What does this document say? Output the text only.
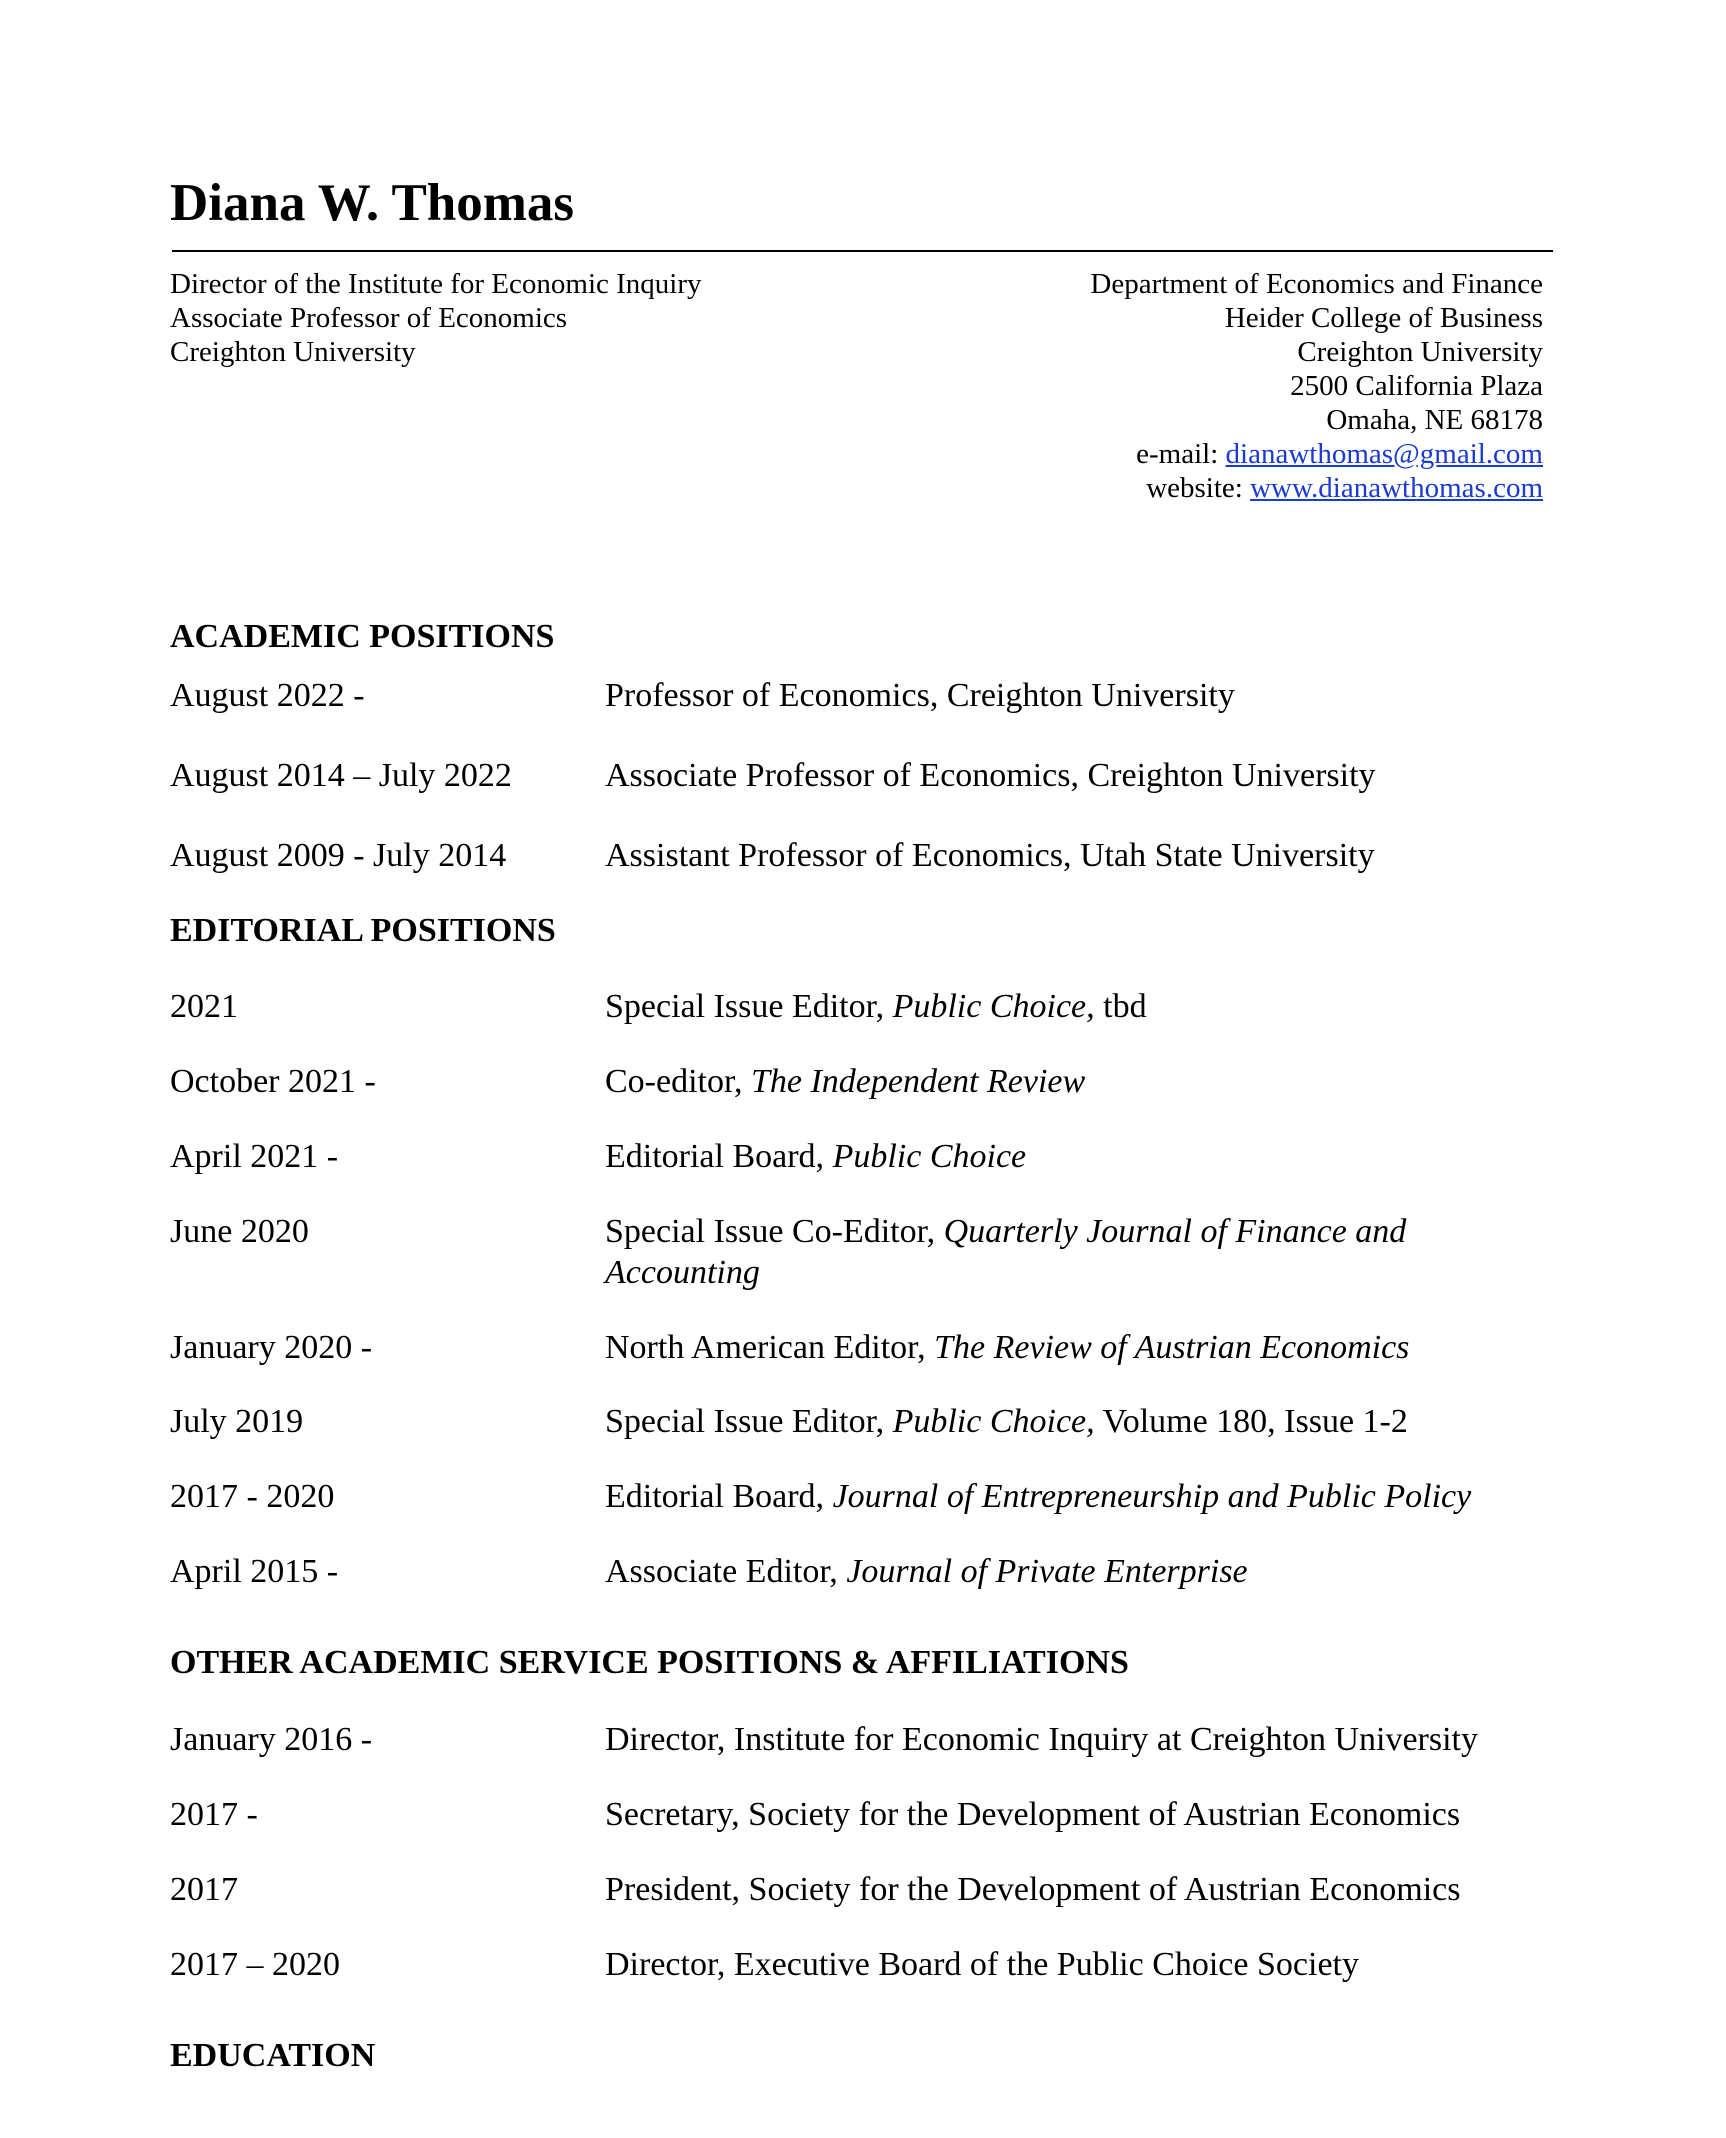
Diana W. Thomas
Director of the Institute for Economic Inquiry
Associate Professor of Economics
Creighton University
Department of Economics and Finance
Heider College of Business
Creighton University
2500 California Plaza
Omaha, NE 68178
e-mail: dianawthomas@gmail.com
website: www.dianawthomas.com
ACADEMIC POSITIONS
August 2022 -	Professor of Economics, Creighton University
August 2014 – July 2022	Associate Professor of Economics, Creighton University
August 2009 - July 2014	Assistant Professor of Economics, Utah State University
EDITORIAL POSITIONS
2021	Special Issue Editor, Public Choice, tbd
October 2021 -	Co-editor, The Independent Review
April 2021 -	Editorial Board, Public Choice
June 2020	Special Issue Co-Editor, Quarterly Journal of Finance and
Accounting
January 2020 -	North American Editor, The Review of Austrian Economics
July 2019	Special Issue Editor, Public Choice, Volume 180, Issue 1-2
2017 - 2020	Editorial Board, Journal of Entrepreneurship and Public Policy
April 2015 -	Associate Editor, Journal of Private Enterprise
OTHER ACADEMIC SERVICE POSITIONS & AFFILIATIONS
January 2016 -	Director, Institute for Economic Inquiry at Creighton University
2017 -	Secretary, Society for the Development of Austrian Economics
2017	President, Society for the Development of Austrian Economics
2017 – 2020	Director, Executive Board of the Public Choice Society
EDUCATION
